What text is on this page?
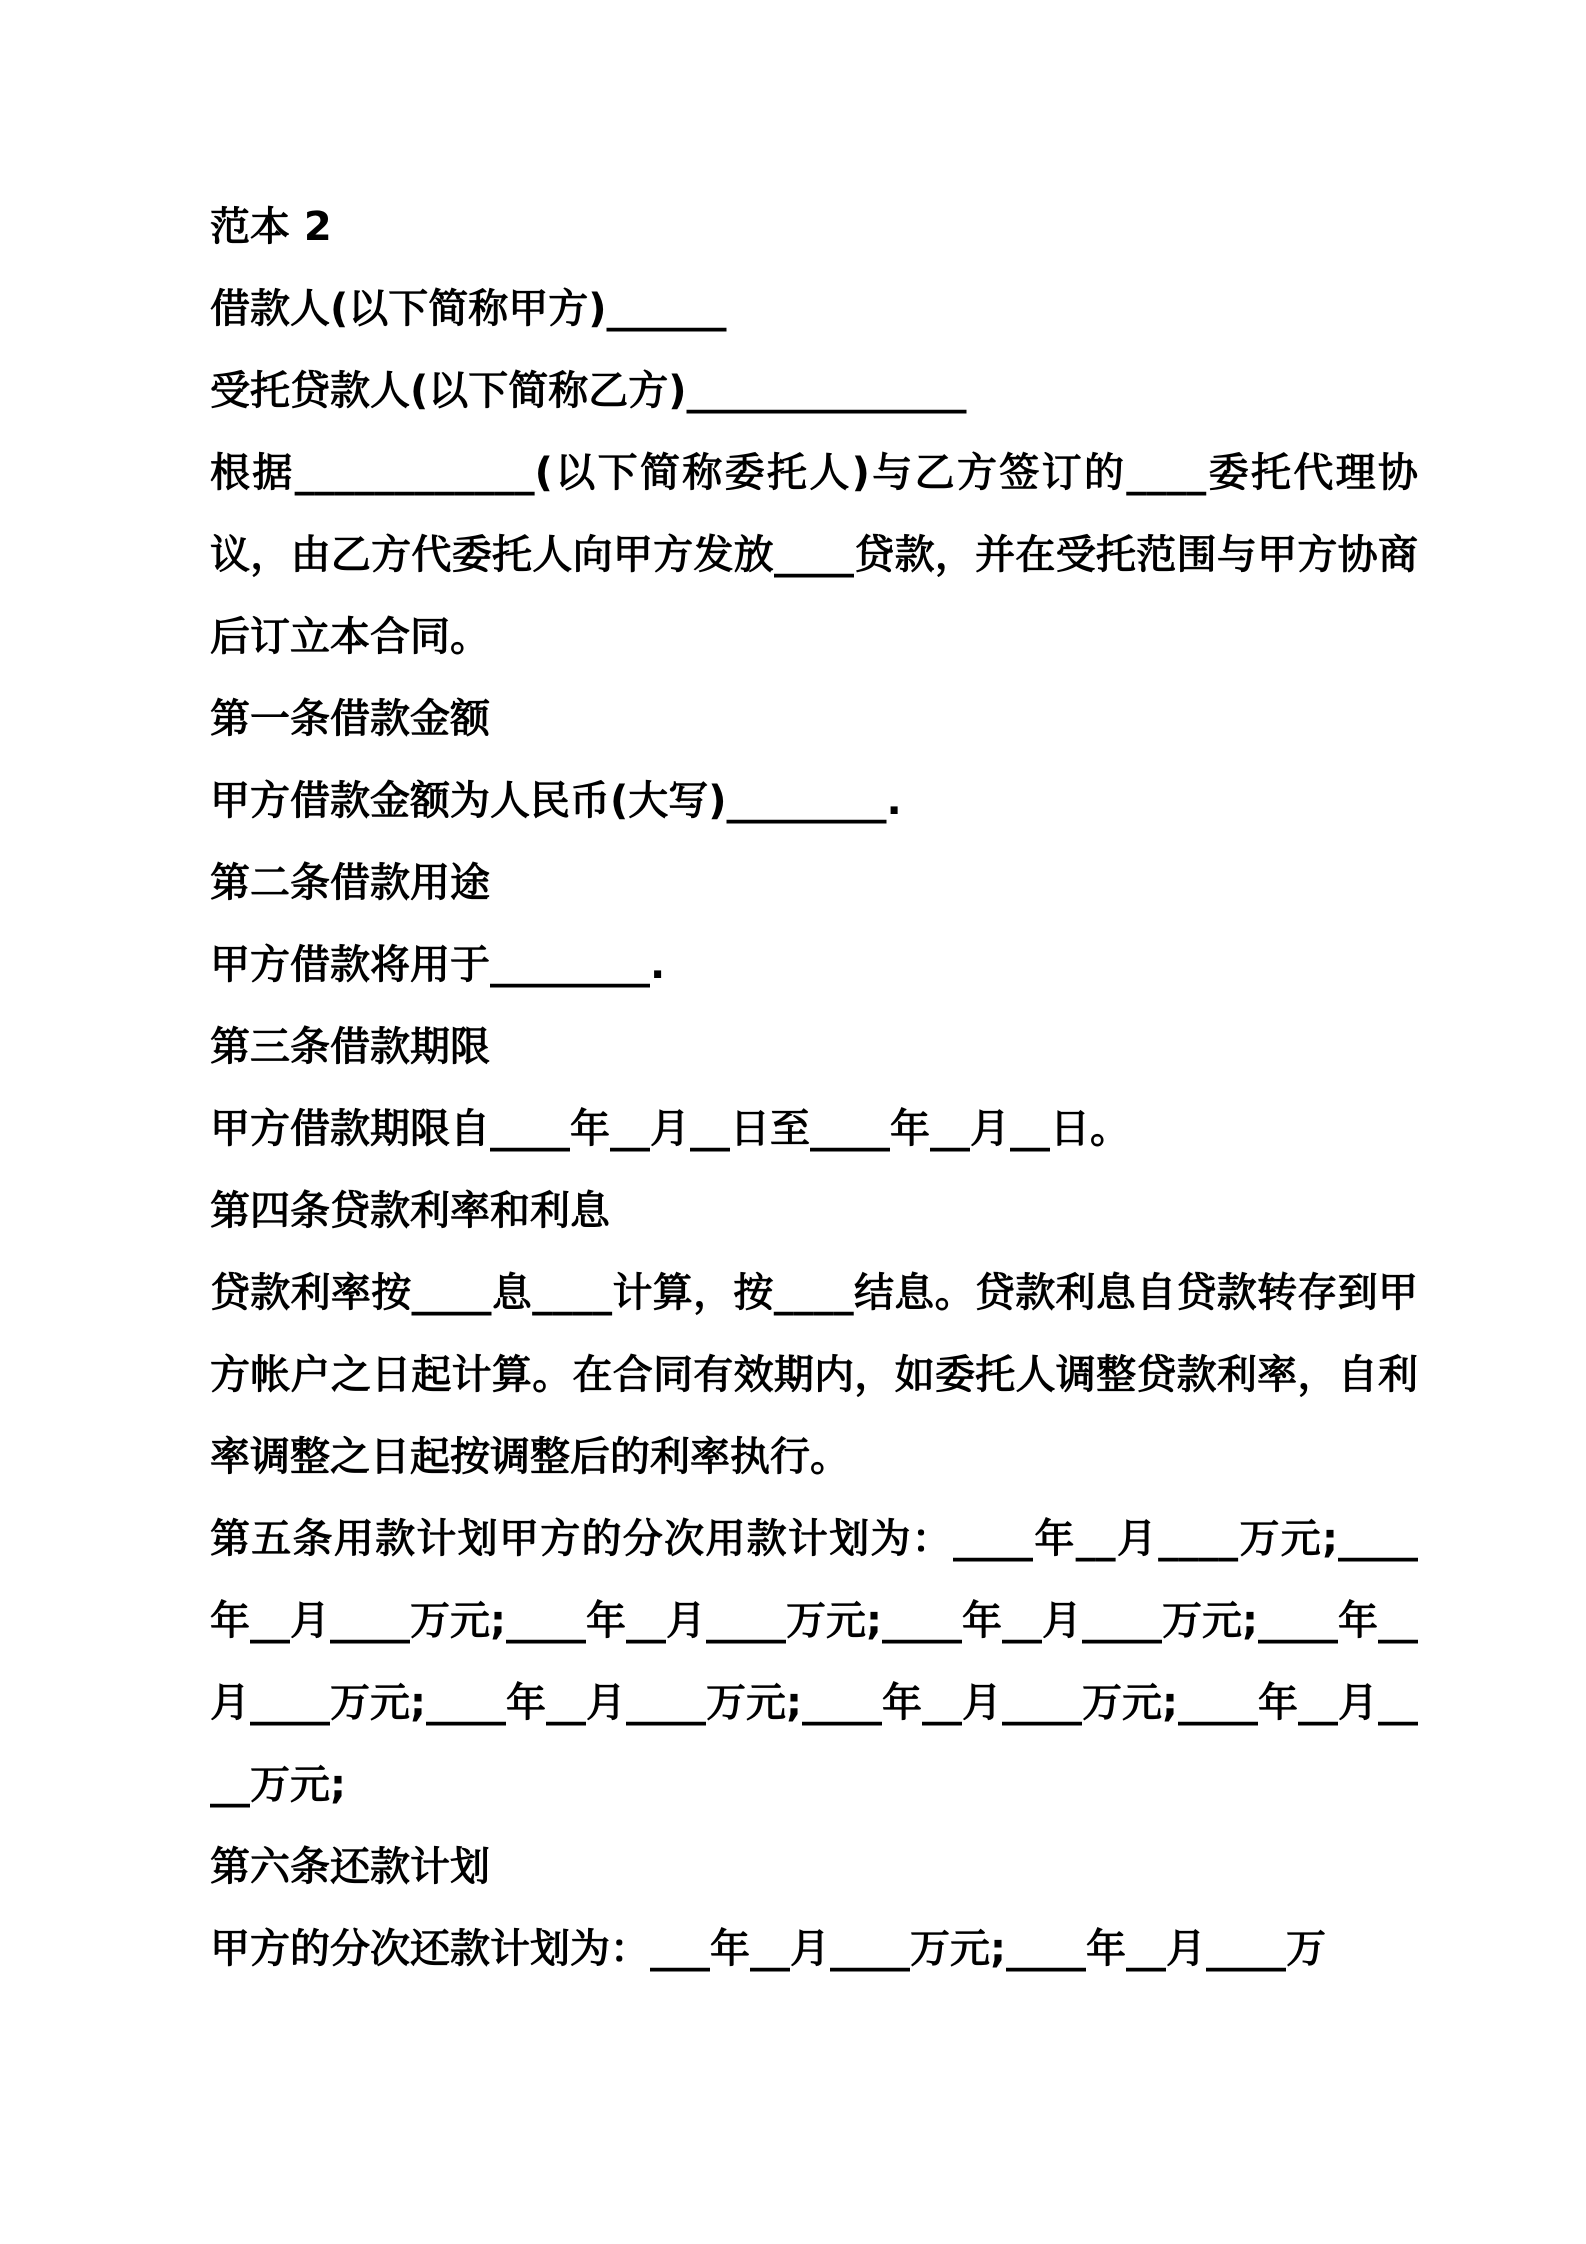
范本 2

借款人(以下简称甲方)______

受托贷款人(以下简称乙方)______________

根据____________(以下简称委托人)与乙方签订的____委托代理协议，由乙方代委托人向甲方发放____贷款，并在受托范围与甲方协商后订立本合同。

第一条借款金额

甲方借款金额为人民币(大写)________.

第二条借款用途

甲方借款将用于________.

第三条借款期限

甲方借款期限自____年__月__日至____年__月__日。

第四条贷款利率和利息

贷款利率按____息____计算，按____结息。贷款利息自贷款转存到甲方帐户之日起计算。在合同有效期内，如委托人调整贷款利率，自利率调整之日起按调整后的利率执行。

第五条用款计划甲方的分次用款计划为：____年__月____万元;____年__月____万元;____年__月____万元;____年__月____万元;____年__月____万元;____年__月____万元;____年__月____万元;____年__月____万元;

第六条还款计划

甲方的分次还款计划为：___年__月____万元;____年__月____万
